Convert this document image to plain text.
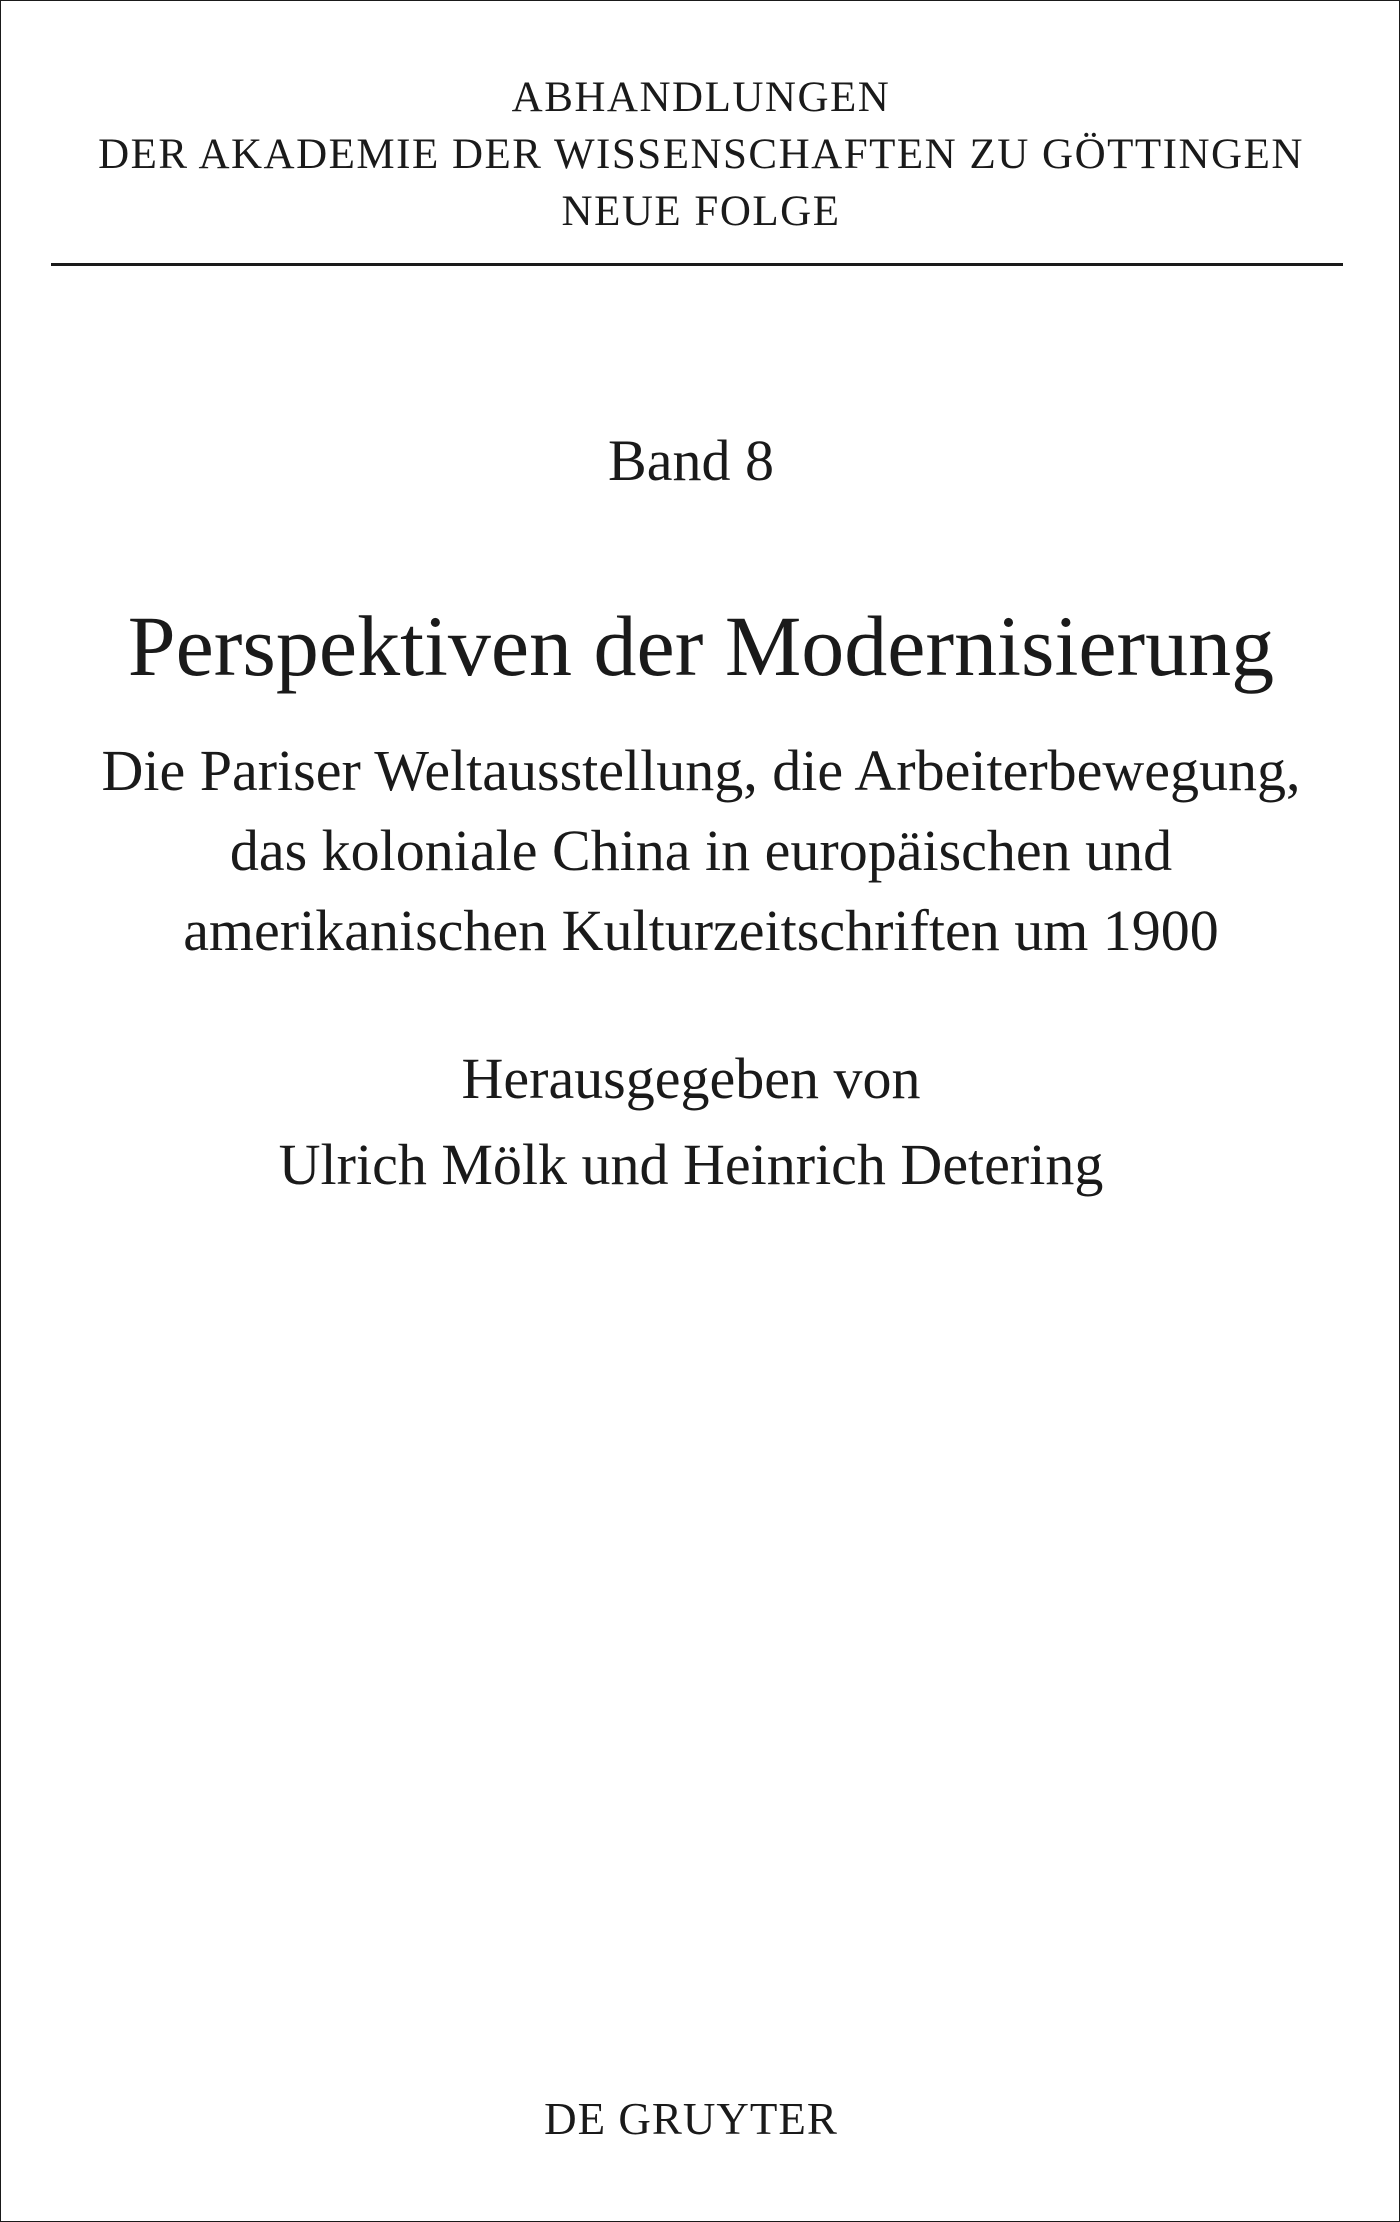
ABHANDLUNGEN
DER AKADEMIE DER WISSENSCHAFTEN ZU GÖTTINGEN
NEUE FOLGE
Band 8
Perspektiven der Modernisierung
Die Pariser Weltausstellung, die Arbeiterbewegung,
das koloniale China in europäischen und
amerikanischen Kulturzeitschriften um 1900
Herausgegeben von
Ulrich Mölk und Heinrich Detering
DE GRUYTER
